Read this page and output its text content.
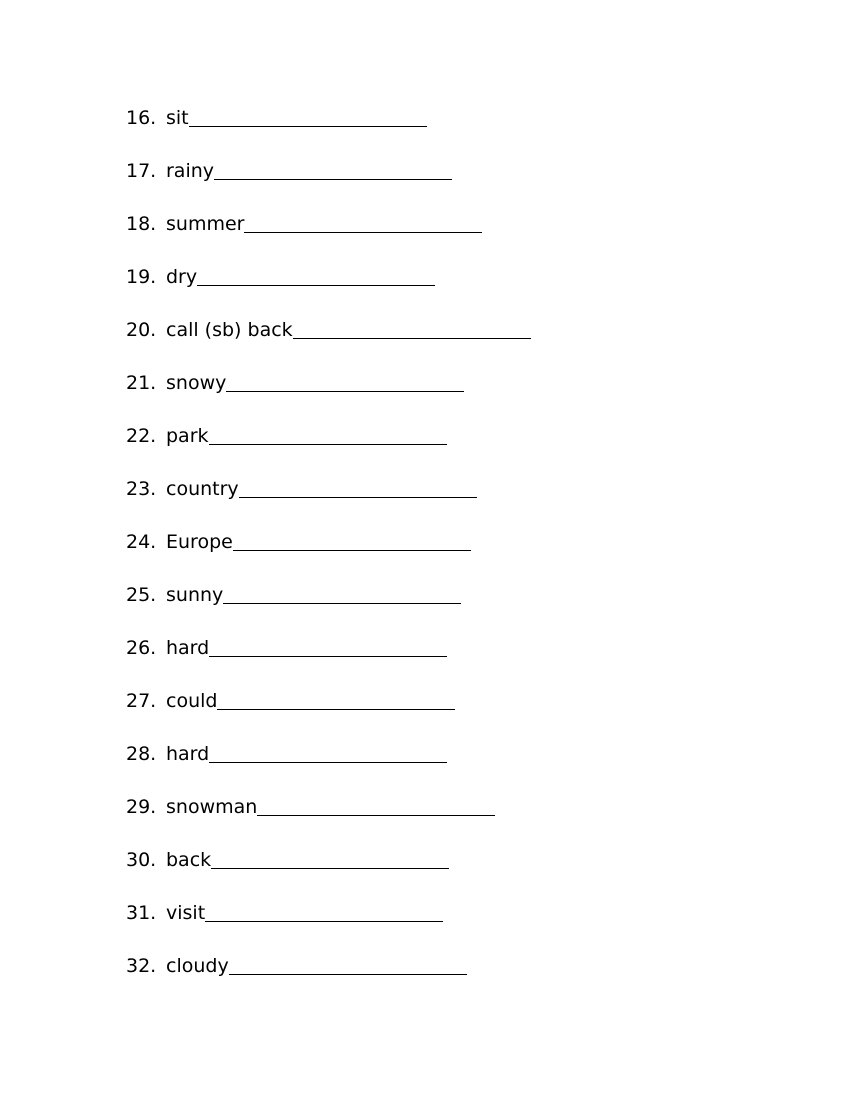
16. sit
17. rainy
18. summer
19. dry
20. call (sb) back
21. snowy
22. park
23. country
24. Europe
25. sunny
26. hard
27. could
28. hard
29. snowman
30. back
31. visit
32. cloudy
